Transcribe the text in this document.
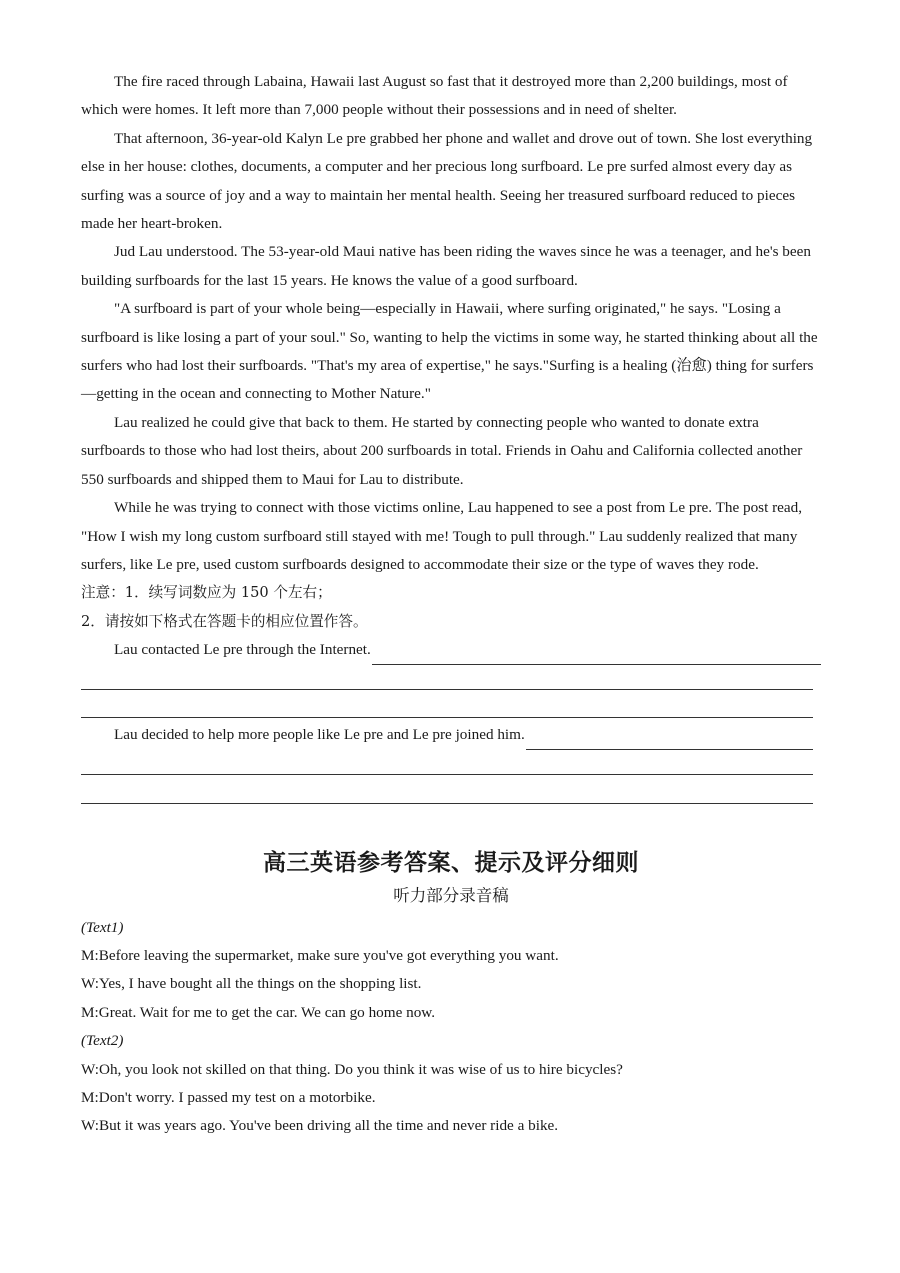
The fire raced through Labaina, Hawaii last August so fast that it destroyed more than 2,200 buildings, most of which were homes. It left more than 7,000 people without their possessions and in need of shelter.

That afternoon, 36-year-old Kalyn Le pre grabbed her phone and wallet and drove out of town. She lost everything else in her house: clothes, documents, a computer and her precious long surfboard. Le pre surfed almost every day as surfing was a source of joy and a way to maintain her mental health. Seeing her treasured surfboard reduced to pieces made her heart-broken.

Jud Lau understood. The 53-year-old Maui native has been riding the waves since he was a teenager, and he's been building surfboards for the last 15 years. He knows the value of a good surfboard.

"A surfboard is part of your whole being—especially in Hawaii, where surfing originated," he says. "Losing a surfboard is like losing a part of your soul." So, wanting to help the victims in some way, he started thinking about all the surfers who had lost their surfboards. "That's my area of expertise," he says."Surfing is a healing (治愈) thing for surfers—getting in the ocean and connecting to Mother Nature."

Lau realized he could give that back to them. He started by connecting people who wanted to donate extra surfboards to those who had lost theirs, about 200 surfboards in total. Friends in Oahu and California collected another 550 surfboards and shipped them to Maui for Lau to distribute.

While he was trying to connect with those victims online, Lau happened to see a post from Le pre. The post read, "How I wish my long custom surfboard still stayed with me! Tough to pull through." Lau suddenly realized that many surfers, like Le pre, used custom surfboards designed to accommodate their size or the type of waves they rode.

注意：1．续写词数应为 150 个左右；

2．请按如下格式在答题卡的相应位置作答。

Lau contacted Le pre through the Internet.
Lau decided to help more people like Le pre and Le pre joined him.
高三英语参考答案、提示及评分细则
听力部分录音稿

(Text1)

M:Before leaving the supermarket, make sure you've got everything you want.

W:Yes, I have bought all the things on the shopping list.

M:Great. Wait for me to get the car. We can go home now.

(Text2)

W:Oh, you look not skilled on that thing. Do you think it was wise of us to hire bicycles?

M:Don't worry. I passed my test on a motorbike.

W:But it was years ago. You've been driving all the time and never ride a bike.
